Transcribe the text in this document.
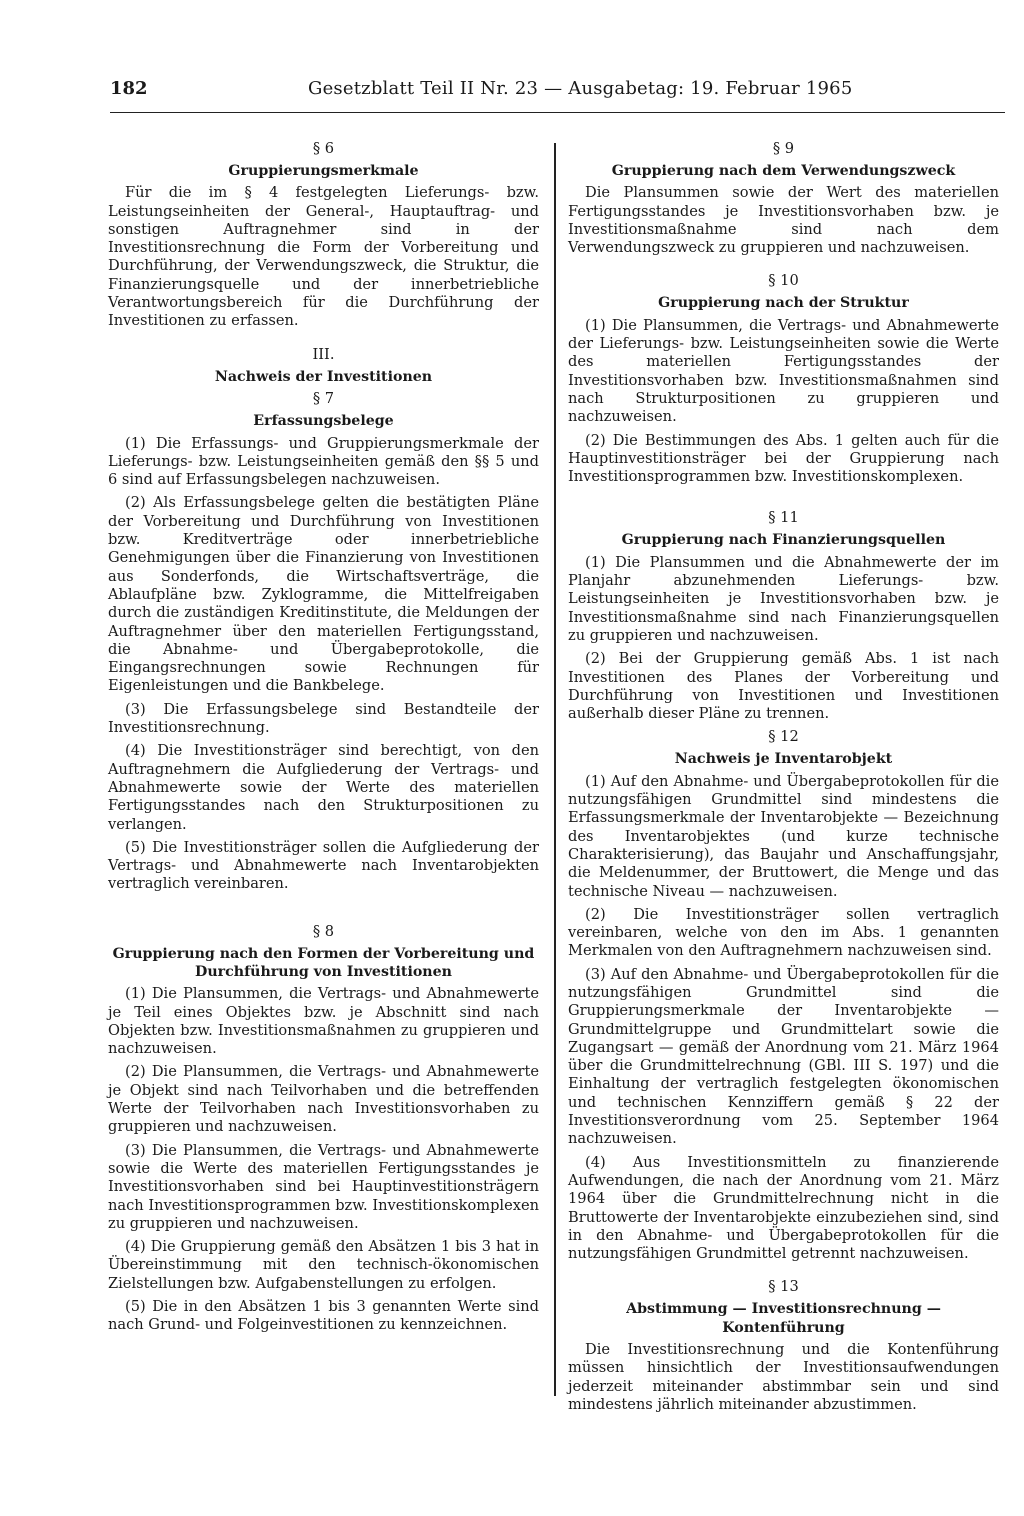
182	Gesetzblatt Teil II Nr. 23 — Ausgabetag: 19. Februar 1965
§ 6
Gruppierungsmerkmale
Für die im § 4 festgelegten Lieferungs- bzw. Leistungseinheiten der General-, Hauptauftrag- und sonstigen Auftragnehmer sind in der Investitionsrechnung die Form der Vorbereitung und Durchführung, der Verwendungszweck, die Struktur, die Finanzierungsquelle und der innerbetriebliche Verantwortungsbereich für die Durchführung der Investitionen zu erfassen.
III.
Nachweis der Investitionen
§ 7
Erfassungsbelege
(1) Die Erfassungs- und Gruppierungsmerkmale der Lieferungs- bzw. Leistungseinheiten gemäß den §§ 5 und 6 sind auf Erfassungsbelegen nachzuweisen.
(2) Als Erfassungsbelege gelten die bestätigten Pläne der Vorbereitung und Durchführung von Investitionen bzw. Kreditverträge oder innerbetriebliche Genehmigungen über die Finanzierung von Investitionen aus Sonderfonds, die Wirtschaftsverträge, die Ablaufpläne bzw. Zyklogramme, die Mittelfreigaben durch die zuständigen Kreditinstitute, die Meldungen der Auftragnehmer über den materiellen Fertigungsstand, die Abnahme- und Übergabeprotokolle, die Eingangsrechnungen sowie Rechnungen für Eigenleistungen und die Bankbelege.
(3) Die Erfassungsbelege sind Bestandteile der Investitionsrechnung.
(4) Die Investitionsträger sind berechtigt, von den Auftragnehmern die Aufgliederung der Vertrags- und Abnahmewerte sowie der Werte des materiellen Fertigungsstandes nach den Strukturpositionen zu verlangen.
(5) Die Investitionsträger sollen die Aufgliederung der Vertrags- und Abnahmewerte nach Inventarobjekten vertraglich vereinbaren.
§ 8
Gruppierung nach den Formen der Vorbereitung und Durchführung von Investitionen
(1) Die Plansummen, die Vertrags- und Abnahmewerte je Teil eines Objektes bzw. je Abschnitt sind nach Objekten bzw. Investitionsmaßnahmen zu gruppieren und nachzuweisen.
(2) Die Plansummen, die Vertrags- und Abnahmewerte je Objekt sind nach Teilvorhaben und die betreffenden Werte der Teilvorhaben nach Investitionsvorhaben zu gruppieren und nachzuweisen.
(3) Die Plansummen, die Vertrags- und Abnahmewerte sowie die Werte des materiellen Fertigungsstandes je Investitionsvorhaben sind bei Hauptinvestitionsträgern nach Investitionsprogrammen bzw. Investitionskomplexen zu gruppieren und nachzuweisen.
(4) Die Gruppierung gemäß den Absätzen 1 bis 3 hat in Übereinstimmung mit den technisch-ökonomischen Zielstellungen bzw. Aufgabenstellungen zu erfolgen.
(5) Die in den Absätzen 1 bis 3 genannten Werte sind nach Grund- und Folgeinvestitionen zu kennzeichnen.
§ 9
Gruppierung nach dem Verwendungszweck
Die Plansummen sowie der Wert des materiellen Fertigungsstandes je Investitionsvorhaben bzw. je Investitionsmaßnahme sind nach dem Verwendungszweck zu gruppieren und nachzuweisen.
§ 10
Gruppierung nach der Struktur
(1) Die Plansummen, die Vertrags- und Abnahmewerte der Lieferungs- bzw. Leistungseinheiten sowie die Werte des materiellen Fertigungsstandes der Investitionsvorhaben bzw. Investitionsmaßnahmen sind nach Strukturpositionen zu gruppieren und nachzuweisen.
(2) Die Bestimmungen des Abs. 1 gelten auch für die Hauptinvestitionsträger bei der Gruppierung nach Investitionsprogrammen bzw. Investitionskomplexen.
§ 11
Gruppierung nach Finanzierungsquellen
(1) Die Plansummen und die Abnahmewerte der im Planjahr abzunehmenden Lieferungs- bzw. Leistungseinheiten je Investitionsvorhaben bzw. je Investitionsmaßnahme sind nach Finanzierungsquellen zu gruppieren und nachzuweisen.
(2) Bei der Gruppierung gemäß Abs. 1 ist nach Investitionen des Planes der Vorbereitung und Durchführung von Investitionen und Investitionen außerhalb dieser Pläne zu trennen.
§ 12
Nachweis je Inventarobjekt
(1) Auf den Abnahme- und Übergabeprotokollen für die nutzungsfähigen Grundmittel sind mindestens die Erfassungsmerkmale der Inventarobjekte — Bezeichnung des Inventarobjektes (und kurze technische Charakterisierung), das Baujahr und Anschaffungsjahr, die Meldenummer, der Bruttowert, die Menge und das technische Niveau — nachzuweisen.
(2) Die Investitionsträger sollen vertraglich vereinbaren, welche von den im Abs. 1 genannten Merkmalen von den Auftragnehmern nachzuweisen sind.
(3) Auf den Abnahme- und Übergabeprotokollen für die nutzungsfähigen Grundmittel sind die Gruppierungsmerkmale der Inventarobjekte — Grundmittelgruppe und Grundmittelart sowie die Zugangsart — gemäß der Anordnung vom 21. März 1964 über die Grundmittelrechnung (GBl. III S. 197) und die Einhaltung der vertraglich festgelegten ökonomischen und technischen Kennziffern gemäß § 22 der Investitionsverordnung vom 25. September 1964 nachzuweisen.
(4) Aus Investitionsmitteln zu finanzierende Aufwendungen, die nach der Anordnung vom 21. März 1964 über die Grundmittelrechnung nicht in die Bruttowerte der Inventarobjekte einzubeziehen sind, sind in den Abnahme- und Übergabeprotokollen für die nutzungsfähigen Grundmittel getrennt nachzuweisen.
§ 13
Abstimmung — Investitionsrechnung — Kontenführung
Die Investitionsrechnung und die Kontenführung müssen hinsichtlich der Investitionsaufwendungen jederzeit miteinander abstimmbar sein und sind mindestens jährlich miteinander abzustimmen.
